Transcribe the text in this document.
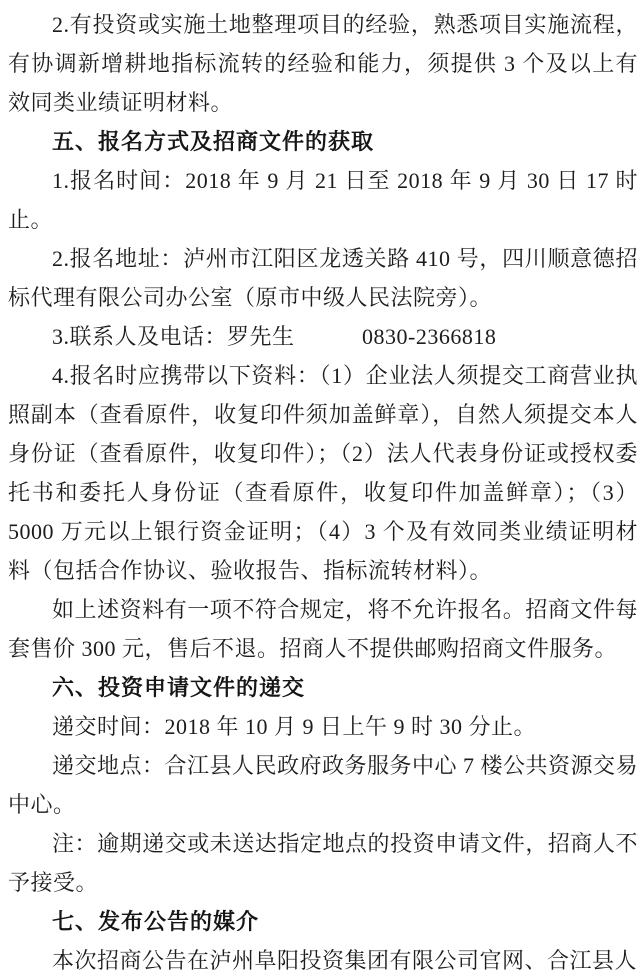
2.有投资或实施土地整理项目的经验，熟悉项目实施流程，有协调新增耕地指标流转的经验和能力，须提供 3 个及以上有效同类业绩证明材料。

五、报名方式及招商文件的获取

1.报名时间：2018 年 9 月 21 日至 2018 年 9 月 30 日 17 时止。

2.报名地址：泸州市江阳区龙透关路 410 号，四川顺意德招标代理有限公司办公室（原市中级人民法院旁）。

3.联系人及电话：罗先生　　　0830-2366818

4.报名时应携带以下资料：（1）企业法人须提交工商营业执照副本（查看原件，收复印件须加盖鲜章），自然人须提交本人身份证（查看原件，收复印件）；（2）法人代表身份证或授权委托书和委托人身份证（查看原件，收复印件加盖鲜章）；（3）5000 万元以上银行资金证明；（4）3 个及有效同类业绩证明材料（包括合作协议、验收报告、指标流转材料）。

如上述资料有一项不符合规定，将不允许报名。招商文件每套售价 300 元，售后不退。招商人不提供邮购招商文件服务。

六、投资申请文件的递交

递交时间：2018 年 10 月 9 日上午 9 时 30 分止。

递交地点：合江县人民政府政务服务中心 7 楼公共资源交易中心。

注：逾期递交或未送达指定地点的投资申请文件，招商人不予接受。

七、发布公告的媒介

本次招商公告在泸州阜阳投资集团有限公司官网、合江县人
